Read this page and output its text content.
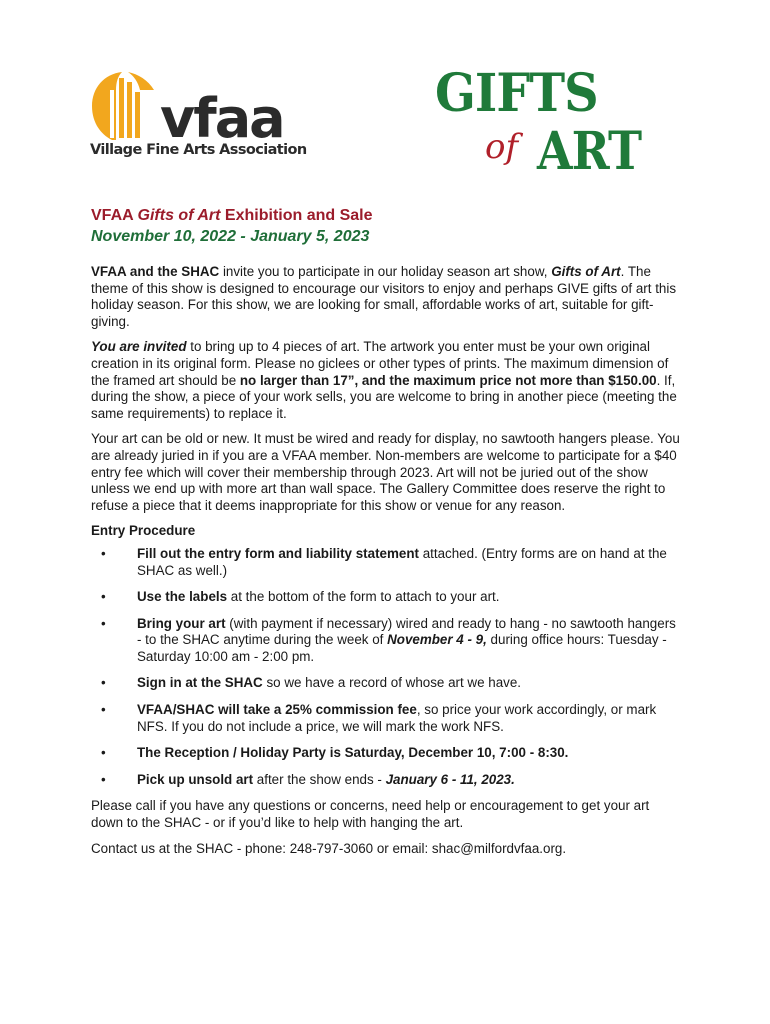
vfaa
Village Fine Arts Association
GIFTS
of ART
VFAA Gifts of Art Exhibition and Sale
November 10, 2022 - January 5, 2023

VFAA and the SHAC invite you to participate in our holiday season art show, Gifts of Art. The theme of this show is designed to encourage our visitors to enjoy and perhaps GIVE gifts of art this holiday season. For this show, we are looking for small, affordable works of art, suitable for gift-giving.

You are invited to bring up to 4 pieces of art. The artwork you enter must be your own original creation in its original form. Please no giclees or other types of prints. The maximum dimension of the framed art should be no larger than 17”, and the maximum price not more than $150.00. If, during the show, a piece of your work sells, you are welcome to bring in another piece (meeting the same requirements) to replace it.

Your art can be old or new. It must be wired and ready for display, no sawtooth hangers please. You are already juried in if you are a VFAA member. Non-members are welcome to participate for a $40 entry fee which will cover their membership through 2023. Art will not be juried out of the show unless we end up with more art than wall space. The Gallery Committee does reserve the right to refuse a piece that it deems inappropriate for this show or venue for any reason.

Entry Procedure
• Fill out the entry form and liability statement attached. (Entry forms are on hand at the SHAC as well.)
• Use the labels at the bottom of the form to attach to your art.
• Bring your art (with payment if necessary) wired and ready to hang - no sawtooth hangers - to the SHAC anytime during the week of November 4 - 9, during office hours: Tuesday - Saturday 10:00 am - 2:00 pm.
• Sign in at the SHAC so we have a record of whose art we have.
• VFAA/SHAC will take a 25% commission fee, so price your work accordingly, or mark NFS. If you do not include a price, we will mark the work NFS.
• The Reception / Holiday Party is Saturday, December 10, 7:00 - 8:30.
• Pick up unsold art after the show ends - January 6 - 11, 2023.

Please call if you have any questions or concerns, need help or encouragement to get your art down to the SHAC - or if you’d like to help with hanging the art.

Contact us at the SHAC - phone: 248-797-3060 or email: shac@milfordvfaa.org.
